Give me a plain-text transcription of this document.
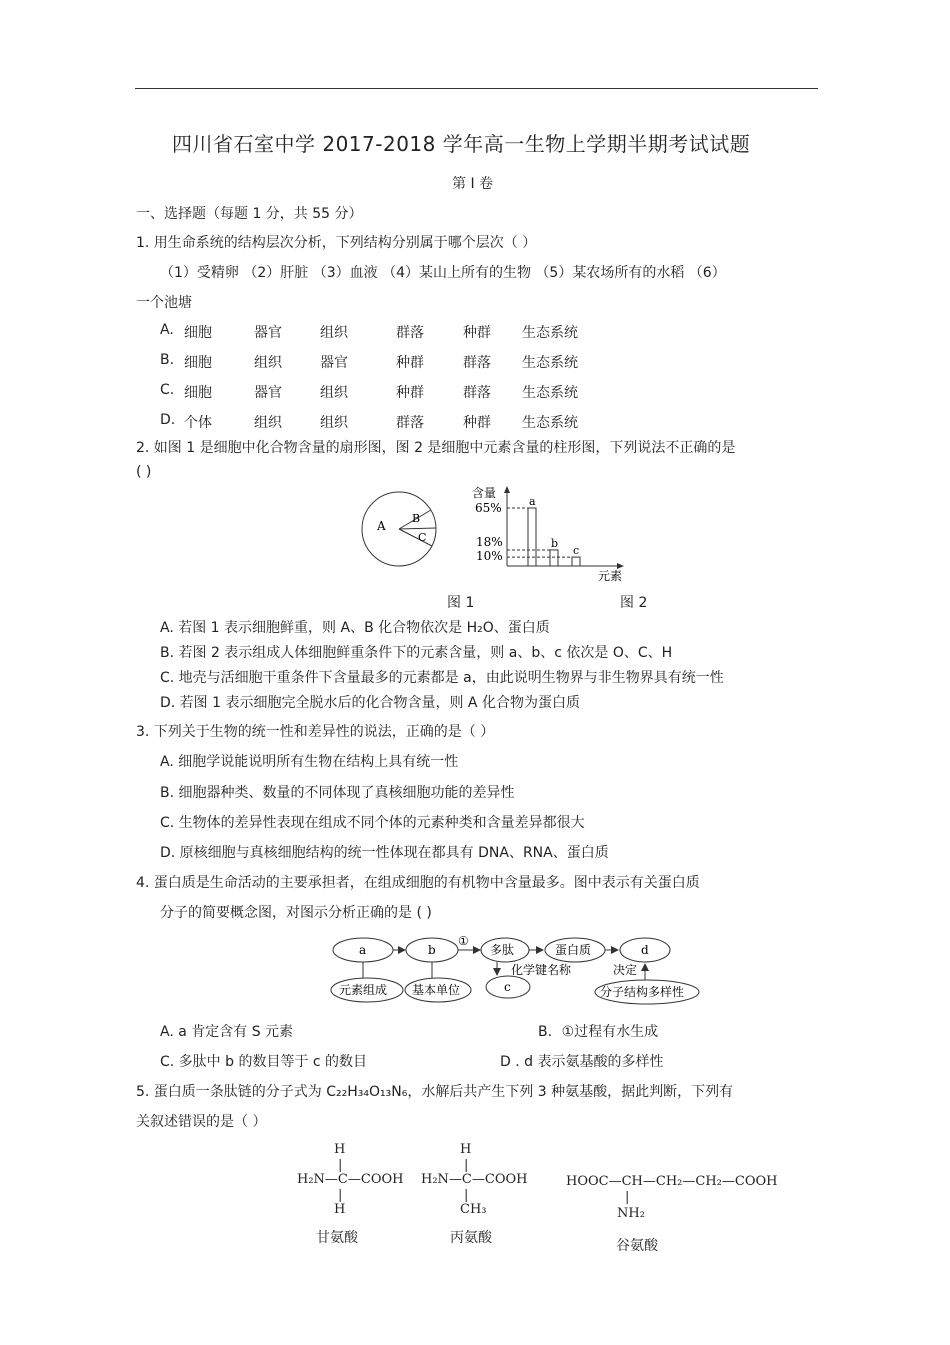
四川省石室中学 2017-2018 学年高一生物上学期半期考试试题
第 I 卷
一、选择题（每题 1 分，共 55 分）
1. 用生命系统的结构层次分析，下列结构分别属于哪个层次（ ）
（1）受精卵 （2）肝脏 （3）血液 （4）某山上所有的生物 （5）某农场所有的水稻 （6）
一个池塘
A. 细胞	器官	组织	群落	种群 生态系统
B. 细胞	组织	器官	种群	群落 生态系统
C. 细胞	器官	组织	种群	群落 生态系统
D. 个体	组织	组织	群落	种群 生态系统
2. 如图 1 是细胞中化合物含量的扇形图，图 2 是细胞中元素含量的柱形图，下列说法不正确的是
( )
A
B
C
含量
65%
18%
10%
a
b
c
元素
图 1	图 2
A. 若图 1 表示细胞鲜重，则 A、B 化合物依次是 H₂O、蛋白质
B. 若图 2 表示组成人体细胞鲜重条件下的元素含量，则 a、b、c 依次是 O、C、H
C. 地壳与活细胞干重条件下含量最多的元素都是 a，由此说明生物界与非生物界具有统一性
D. 若图 1 表示细胞完全脱水后的化合物含量，则 A 化合物为蛋白质
3. 下列关于生物的统一性和差异性的说法，正确的是（ ）
A. 细胞学说能说明所有生物在结构上具有统一性
B. 细胞器种类、数量的不同体现了真核细胞功能的差异性
C. 生物体的差异性表现在组成不同个体的元素种类和含量差异都很大
D. 原核细胞与真核细胞结构的统一性体现在都具有 DNA、RNA、蛋白质
4. 蛋白质是生命活动的主要承担者，在组成细胞的有机物中含量最多。图中表示有关蛋白质
分子的简要概念图，对图示分析正确的是 ( )
a	b
①
多肽	蛋白质	d
化学键名称
c
元素组成 基本单位	分子结构多样性
决定
A. a 肯定含有 S 元素	B．①过程有水生成
C. 多肽中 b 的数目等于 c 的数目	D . d 表示氨基酸的多样性
5. 蛋白质一条肽链的分子式为 C₂₂H₃₄O₁₃N₆，水解后共产生下列 3 种氨基酸，据此判断，下列有
关叙述错误的是（ ）
H
|
H₂N—C—COOH
|
H
甘氨酸
H
|
H₂N—C—COOH
|
CH₃
丙氨酸
HOOC—CH—CH₂—CH₂—COOH
|
NH₂
谷氨酸
